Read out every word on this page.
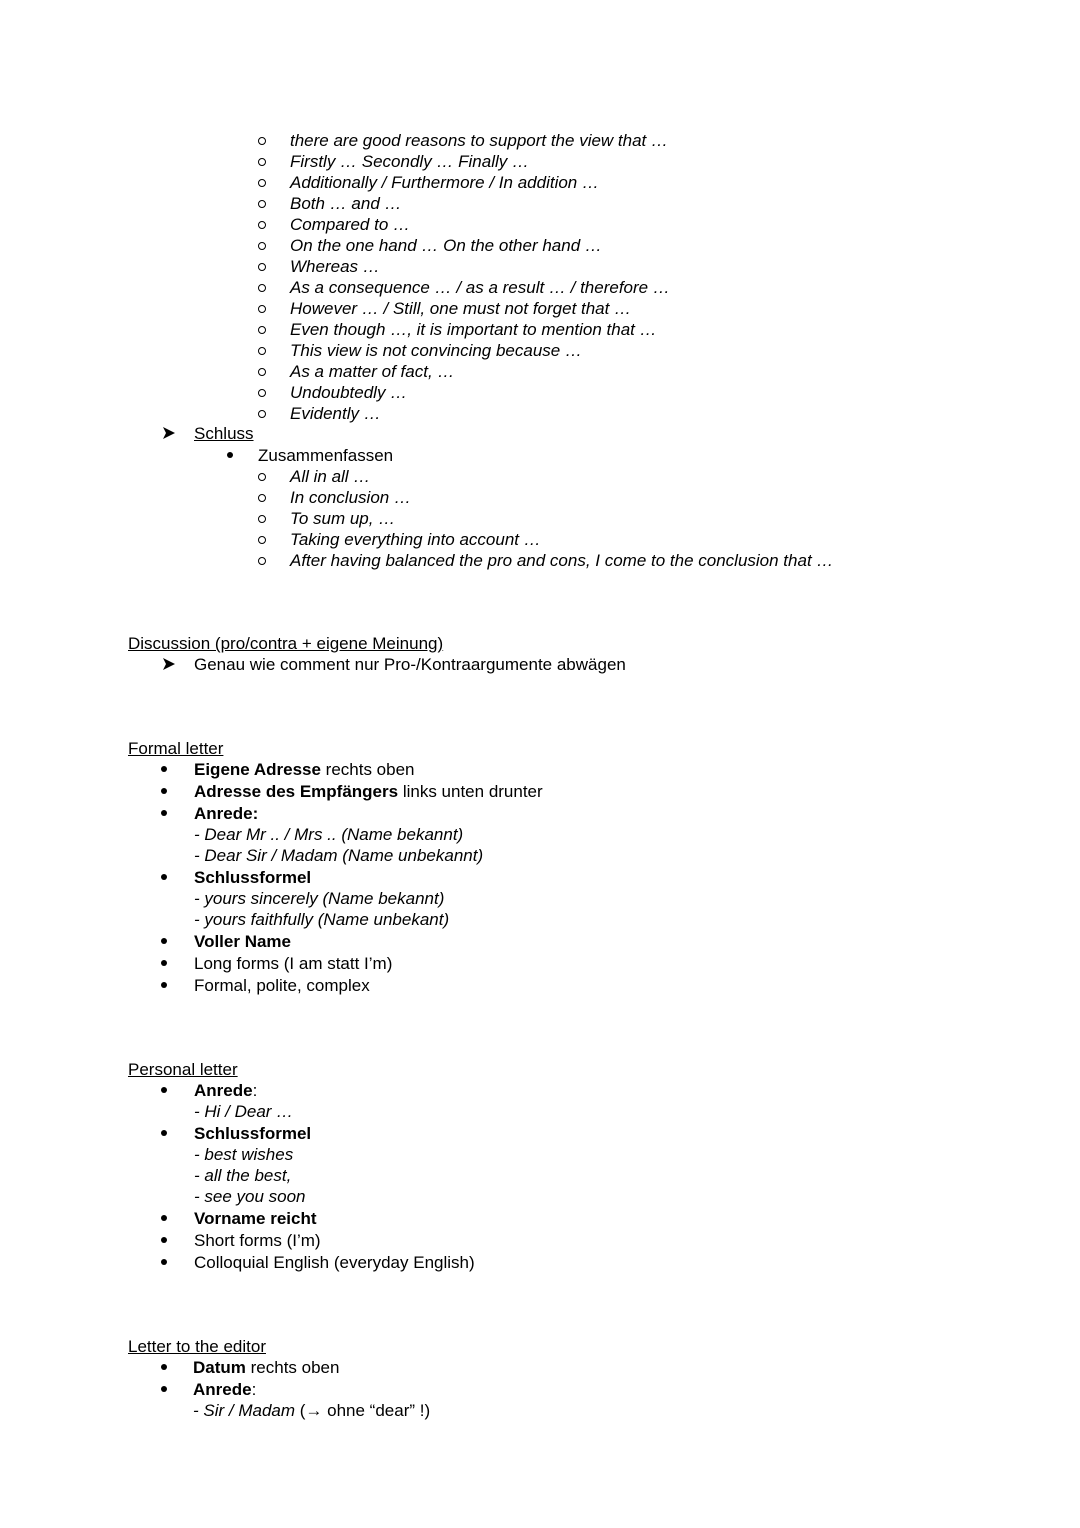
there are good reasons to support the view that …
Firstly … Secondly … Finally …
Additionally / Furthermore / In addition …
Both … and …
Compared to …
On the one hand … On the other hand …
Whereas …
As a consequence … / as a result … / therefore …
However … / Still, one must not forget that …
Even though …, it is important to mention that …
This view is not convincing because …
As a matter of fact, …
Undoubtedly …
Evidently …
Schluss
Zusammenfassen
All in all …
In conclusion …
To sum up, …
Taking everything into account …
After having balanced the pro and cons, I come to the conclusion that …
Discussion (pro/contra + eigene Meinung)
Genau wie comment nur Pro-/Kontraargumente abwägen
Formal letter
Eigene Adresse rechts oben
Adresse des Empfängers links unten drunter
Anrede:
- Dear Mr .. / Mrs .. (Name bekannt)
- Dear Sir / Madam (Name unbekannt)
Schlussformel
- yours sincerely (Name bekannt)
- yours faithfully (Name unbekant)
Voller Name
Long forms (I am statt I’m)
Formal, polite, complex
Personal letter
Anrede:
- Hi / Dear …
Schlussformel
- best wishes
- all the best,
- see you soon
Vorname reicht
Short forms (I’m)
Colloquial English (everyday English)
Letter to the editor
Datum rechts oben
Anrede:
- Sir / Madam (→ ohne “dear” !)
